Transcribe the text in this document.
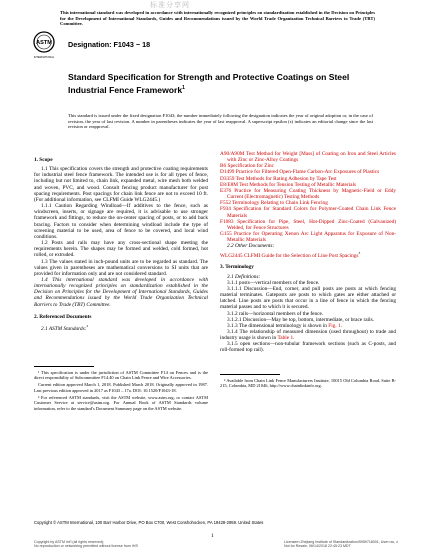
标准分享网
This international standard was developed in accordance with internationally recognized principles on standardization established in the Decision on Principles for the Development of International Standards, Guides and Recommendations issued by the World Trade Organization Technical Barriers to Trade (TBT) Committee.
ASTM
INTERNATIONAL
Designation: F1043 − 18
Standard Specification for Strength and Protective Coatings on Steel Industrial Fence Framework$^1$
This standard is issued under the fixed designation F1043; the number immediately following the designation indicates the year of original adoption or, in the case of revision, the year of last revision. A number in parentheses indicates the year of last reapproval. A superscript epsilon (ε) indicates an editorial change since the last revision or reapproval.

1. Scope

1.1 This specification covers the strength and protective coating requirements for industrial steel fence framework. The intended use is for all types of fence, including but not limited to, chain link, expanded metal, wire mesh both welded and woven, PVC, and wood. Consult fencing product manufacturer for post spacing requirements. Post spacings for chain link fence are not to exceed 10 ft. (For additional information, see CLFMI Guide WLG2445.)

1.1.1 Caution Regarding Windload—If additives to the fence, such as windscreen, inserts, or signage are required, it is advisable to use stronger framework and fittings, to reduce the on-center spacing of posts, or to add back bracing. Factors to consider when determining windload include the type of screening material to be used, area of fence to be covered, and local wind conditions.

1.2 Posts and rails may have any cross-sectional shape meeting the requirements herein. The shapes may be formed and welded, cold formed, hot rolled, or extruded.

1.3 The values stated in inch-pound units are to be regarded as standard. The values given in parentheses are mathematical conversions to SI units that are provided for information only and are not considered standard.

1.4 This international standard was developed in accordance with internationally recognized principles on standardization established in the Decision on Principles for the Development of International Standards, Guides and Recommendations issued by the World Trade Organization Technical Barriers to Trade (TBT) Committee.

2. Referenced Documents

2.1 ASTM Standards:$^2$

¹ This specification is under the jurisdiction of ASTM Committee F14 on Fences and is the direct responsibility of Subcommittee F14.40 on Chain Link Fence and Wire Accessories.

Current edition approved March 1, 2018. Published March 2018. Originally approved in 1987. Last previous edition approved in 2017 as F1043 – 17a. DOI: 10.1520/F1043-18.

² For referenced ASTM standards, visit the ASTM website, www.astm.org, or contact ASTM Customer Service at service@astm.org. For Annual Book of ASTM Standards volume information, refer to the standard's Document Summary page on the ASTM website.

A90/A90M Test Method for Weight [Mass] of Coating on Iron and Steel Articles with Zinc or Zinc-Alloy Coatings

B6 Specification for Zinc

D1499 Practice for Filtered Open-Flame Carbon-Arc Exposures of Plastics

D3359 Test Methods for Rating Adhesion by Tape Test

E8/E8M Test Methods for Tension Testing of Metallic Materials

E376 Practice for Measuring Coating Thickness by Magnetic-Field or Eddy Current (Electromagnetic) Testing Methods

F552 Terminology Relating to Chain Link Fencing

F934 Specification for Standard Colors for Polymer-Coated Chain Link Fence Materials

F1083 Specification for Pipe, Steel, Hot-Dipped Zinc-Coated (Galvanized) Welded, for Fence Structures

G155 Practice for Operating Xenon Arc Light Apparatus for Exposure of Non-Metallic Materials

2.2 Other Documents:

WLG2445 CLFMI Guide for the Selection of Line Post Spacings$^3$

3. Terminology

3.1 Definitions:

3.1.1 posts—vertical members of the fence.

3.1.1.1 Discussion—End, corner, and pull posts are posts at which fencing material terminates. Gateposts are posts to which gates are either attached or latched. Line posts are posts that occur in a line of fence in which the fencing material passes and to which it is secured.

3.1.2 rails—horizontal members of the fence.

3.1.2.1 Discussion—May be top, bottom, intermediate, or brace rails.

3.1.3 The dimensional terminology is shown in Fig. 1.

3.1.4 The relationship of measured dimension (used throughout) to trade and industry usage is shown in Table 1.

3.1.5 open sections—non-tubular framework sections (such as C-posts, and roll-formed top rail).

³ Available from Chain Link Fence Manufacturers Institute, 10015 Old Columbia Road, Suite B-215, Columbia, MD 21046, http://www.chainlinkinfo.org.

Copyright © ASTM International, 100 Barr Harbor Drive, PO Box C700, West Conshohocken, PA 19428-2959. United States
1
Copyright by ASTM Int'l (all rights reserved);
No reproduction or networking permitted without license from IHS
Licensee=Zhejiang Institute of Standardization/5959718001, User=xu, z
Not for Resale, 06/14/2018 22:45:23 MDT
